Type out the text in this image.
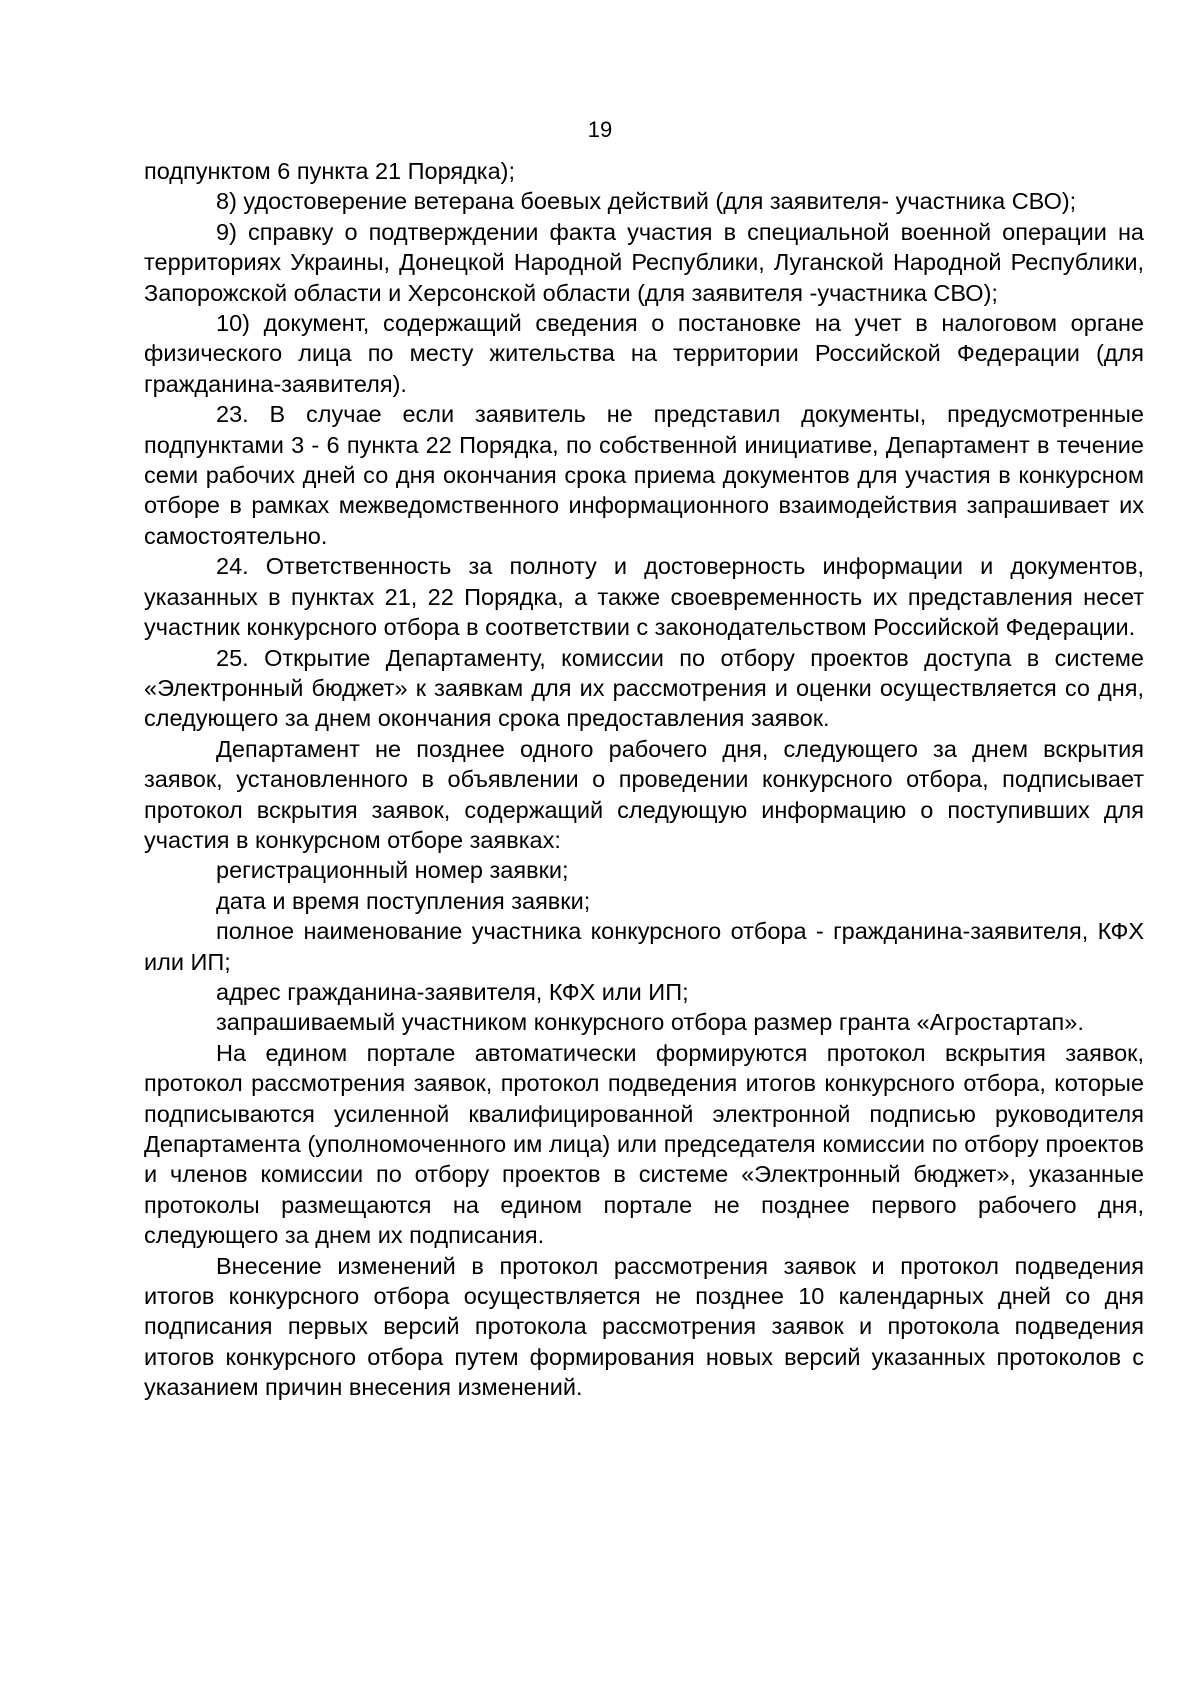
19

подпунктом 6 пункта 21 Порядка);

8) удостоверение ветерана боевых действий (для заявителя- участника СВО);

9) справку о подтверждении факта участия в специальной военной операции на территориях Украины, Донецкой Народной Республики, Луганской Народной Республики, Запорожской области и Херсонской области (для заявителя -участника СВО);

10) документ, содержащий сведения о постановке на учет в налоговом органе физического лица по месту жительства на территории Российской Федерации (для гражданина-заявителя).

23. В случае если заявитель не представил документы, предусмотренные подпунктами 3 - 6 пункта 22 Порядка, по собственной инициативе, Департамент в течение семи рабочих дней со дня окончания срока приема документов для участия в конкурсном отборе в рамках межведомственного информационного взаимодействия запрашивает их самостоятельно.

24. Ответственность за полноту и достоверность информации и документов, указанных в пунктах 21, 22 Порядка, а также своевременность их представления несет участник конкурсного отбора в соответствии с законодательством Российской Федерации.

25. Открытие Департаменту, комиссии по отбору проектов доступа в системе «Электронный бюджет» к заявкам для их рассмотрения и оценки осуществляется со дня, следующего за днем окончания срока предоставления заявок.

Департамент не позднее одного рабочего дня, следующего за днем вскрытия заявок, установленного в объявлении о проведении конкурсного отбора, подписывает протокол вскрытия заявок, содержащий следующую информацию о поступивших для участия в конкурсном отборе заявках:

регистрационный номер заявки;

дата и время поступления заявки;

полное наименование участника конкурсного отбора - гражданина-заявителя, КФХ или ИП;

адрес гражданина-заявителя, КФХ или ИП;

запрашиваемый участником конкурсного отбора размер гранта «Агростартап».

На едином портале автоматически формируются протокол вскрытия заявок, протокол рассмотрения заявок, протокол подведения итогов конкурсного отбора, которые подписываются усиленной квалифицированной электронной подписью руководителя Департамента (уполномоченного им лица) или председателя комиссии по отбору проектов и членов комиссии по отбору проектов в системе «Электронный бюджет», указанные протоколы размещаются на едином портале не позднее первого рабочего дня, следующего за днем их подписания.

Внесение изменений в протокол рассмотрения заявок и протокол подведения итогов конкурсного отбора осуществляется не позднее 10 календарных дней со дня подписания первых версий протокола рассмотрения заявок и протокола подведения итогов конкурсного отбора путем формирования новых версий указанных протоколов с указанием причин внесения изменений.
